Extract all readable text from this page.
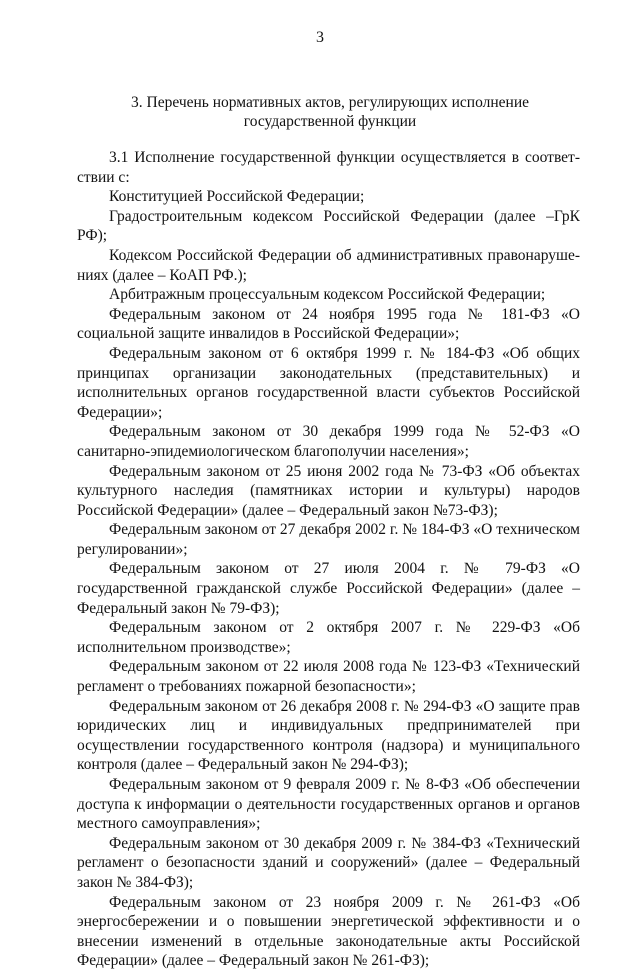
3
3. Перечень нормативных актов, регулирующих исполнение
государственной функции

3.1 Исполнение государственной функции осуществляется в соответствии с:

Конституцией Российской Федерации;

Градостроительным кодексом Российской Федерации (далее –ГрК РФ);

Кодексом Российской Федерации об административных правонарушениях (далее – КоАП РФ.);

Арбитражным процессуальным кодексом Российской Федерации;

Федеральным законом от 24 ноября 1995 года № 181-ФЗ «О социальной защите инвалидов в Российской Федерации»;

Федеральным законом от 6 октября 1999 г. № 184-ФЗ «Об общих принципах организации законодательных (представительных) и исполнительных органов государственной власти субъектов Российской Федерации»;

Федеральным законом от 30 декабря 1999 года № 52-ФЗ «О санитарно-эпидемиологическом благополучии населения»;

Федеральным законом от 25 июня 2002 года № 73-ФЗ «Об объектах культурного наследия (памятниках истории и культуры) народов Российской Федерации» (далее – Федеральный закон №73-ФЗ);

Федеральным законом от 27 декабря 2002 г. № 184-ФЗ «О техническом регулировании»;

Федеральным законом от 27 июля 2004 г. № 79-ФЗ «О государственной гражданской службе Российской Федерации» (далее – Федеральный закон № 79-ФЗ);

Федеральным законом от 2 октября 2007 г. № 229-ФЗ «Об исполнительном производстве»;

Федеральным законом от 22 июля 2008 года № 123-ФЗ «Технический регламент о требованиях пожарной безопасности»;

Федеральным законом от 26 декабря 2008 г. № 294-ФЗ «О защите прав юридических лиц и индивидуальных предпринимателей при осуществлении государственного контроля (надзора) и муниципального контроля (далее – Федеральный закон № 294-ФЗ);

Федеральным законом от 9 февраля 2009 г. № 8-ФЗ «Об обеспечении доступа к информации о деятельности государственных органов и органов местного самоуправления»;

Федеральным законом от 30 декабря 2009 г. № 384-ФЗ «Технический регламент о безопасности зданий и сооружений» (далее – Федеральный закон № 384-ФЗ);

Федеральным законом от 23 ноября 2009 г. № 261-ФЗ «Об энергосбережении и о повышении энергетической эффективности и о внесении изменений в отдельные законодательные акты Российской Федерации» (далее – Федеральный закон № 261-ФЗ);
